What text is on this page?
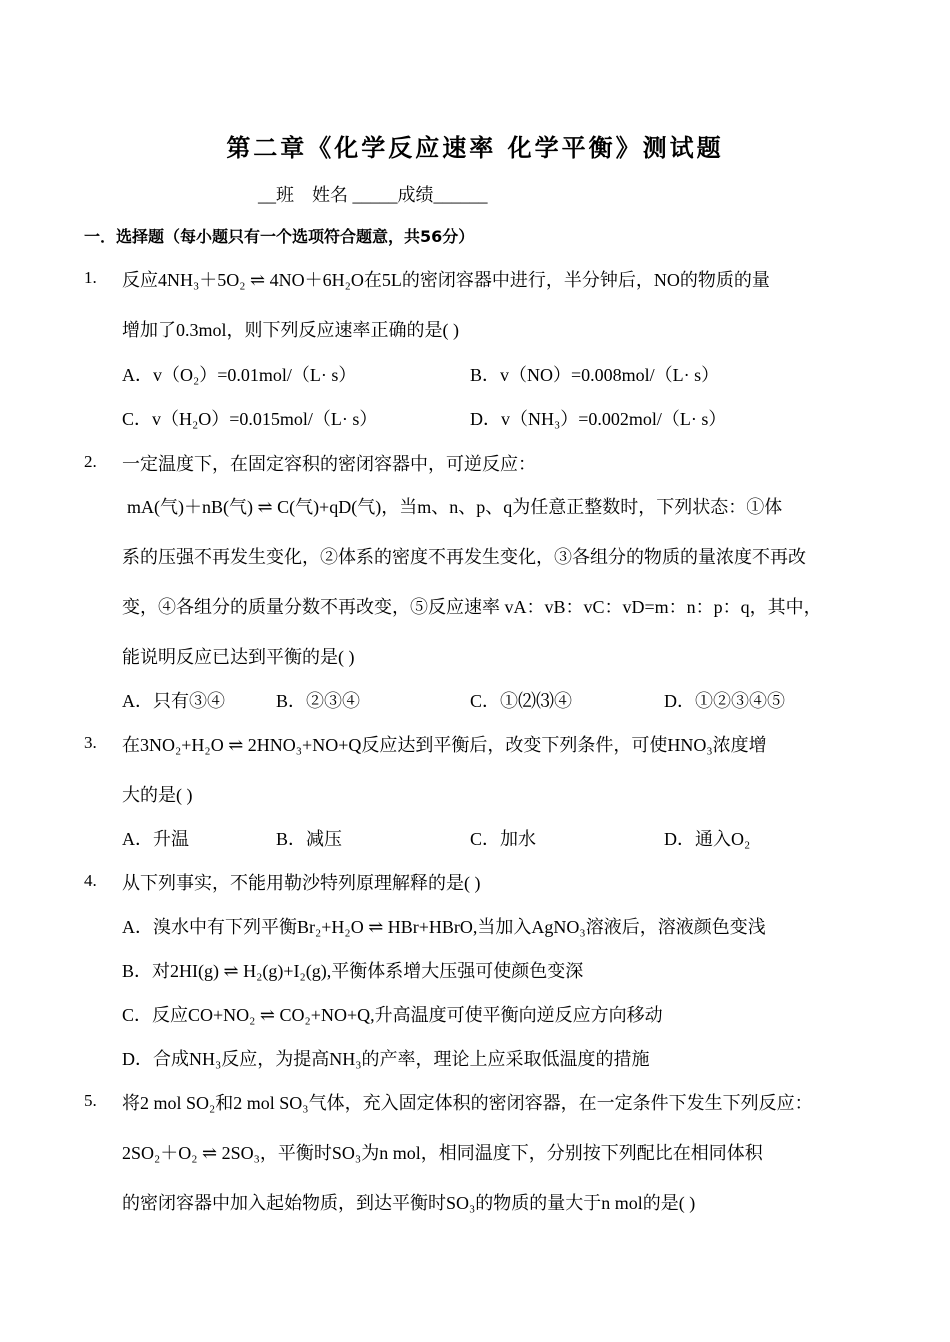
第二章《化学反应速率 化学平衡》测试题
__班    姓名 _____成绩______
一．选择题（每小题只有一个选项符合题意，共56分）
1. 反应4NH₃＋5O₂ ⇌ 4NO＋6H₂O在5L的密闭容器中进行，半分钟后，NO的物质的量
增加了0.3mol，则下列反应速率正确的是( )
A．v（O₂）=0.01mol/（L· s）	B．v（NO）=0.008mol/（L· s）
C．v（H₂O）=0.015mol/（L· s）	D．v（NH₃）=0.002mol/（L· s）
2. 一定温度下，在固定容积的密闭容器中，可逆反应：
mA(气)＋nB(气) ⇌ C(气)+qD(气)，当m、n、p、q为任意正整数时，下列状态：①体
系的压强不再发生变化，②体系的密度不再发生变化，③各组分的物质的量浓度不再改
变，④各组分的质量分数不再改变，⑤反应速率 vA：vB：vC：vD=m：n：p：q，其中，
能说明反应已达到平衡的是( )
A．只有③④	B．②③④	C．①⑵⑶④	D．①②③④⑤
3. 在3NO₂+H₂O ⇌ 2HNO₃+NO+Q反应达到平衡后，改变下列条件，可使HNO₃浓度增
大的是( )
A．升温	B．减压	C．加水	D．通入O₂
4. 从下列事实，不能用勒沙特列原理解释的是( )
A．溴水中有下列平衡Br₂+H₂O ⇌ HBr+HBrO,当加入AgNO₃溶液后，溶液颜色变浅
B．对2HI(g) ⇌ H₂(g)+I₂(g),平衡体系增大压强可使颜色变深
C．反应CO+NO₂ ⇌ CO₂+NO+Q,升高温度可使平衡向逆反应方向移动
D．合成NH₃反应，为提高NH₃的产率，理论上应采取低温度的措施
5. 将2 mol SO₂和2 mol SO₃气体，充入固定体积的密闭容器，在一定条件下发生下列反应：
2SO₂＋O₂ ⇌ 2SO₃，平衡时SO₃为n mol，相同温度下，分别按下列配比在相同体积
的密闭容器中加入起始物质，到达平衡时SO₃的物质的量大于n mol的是( )
